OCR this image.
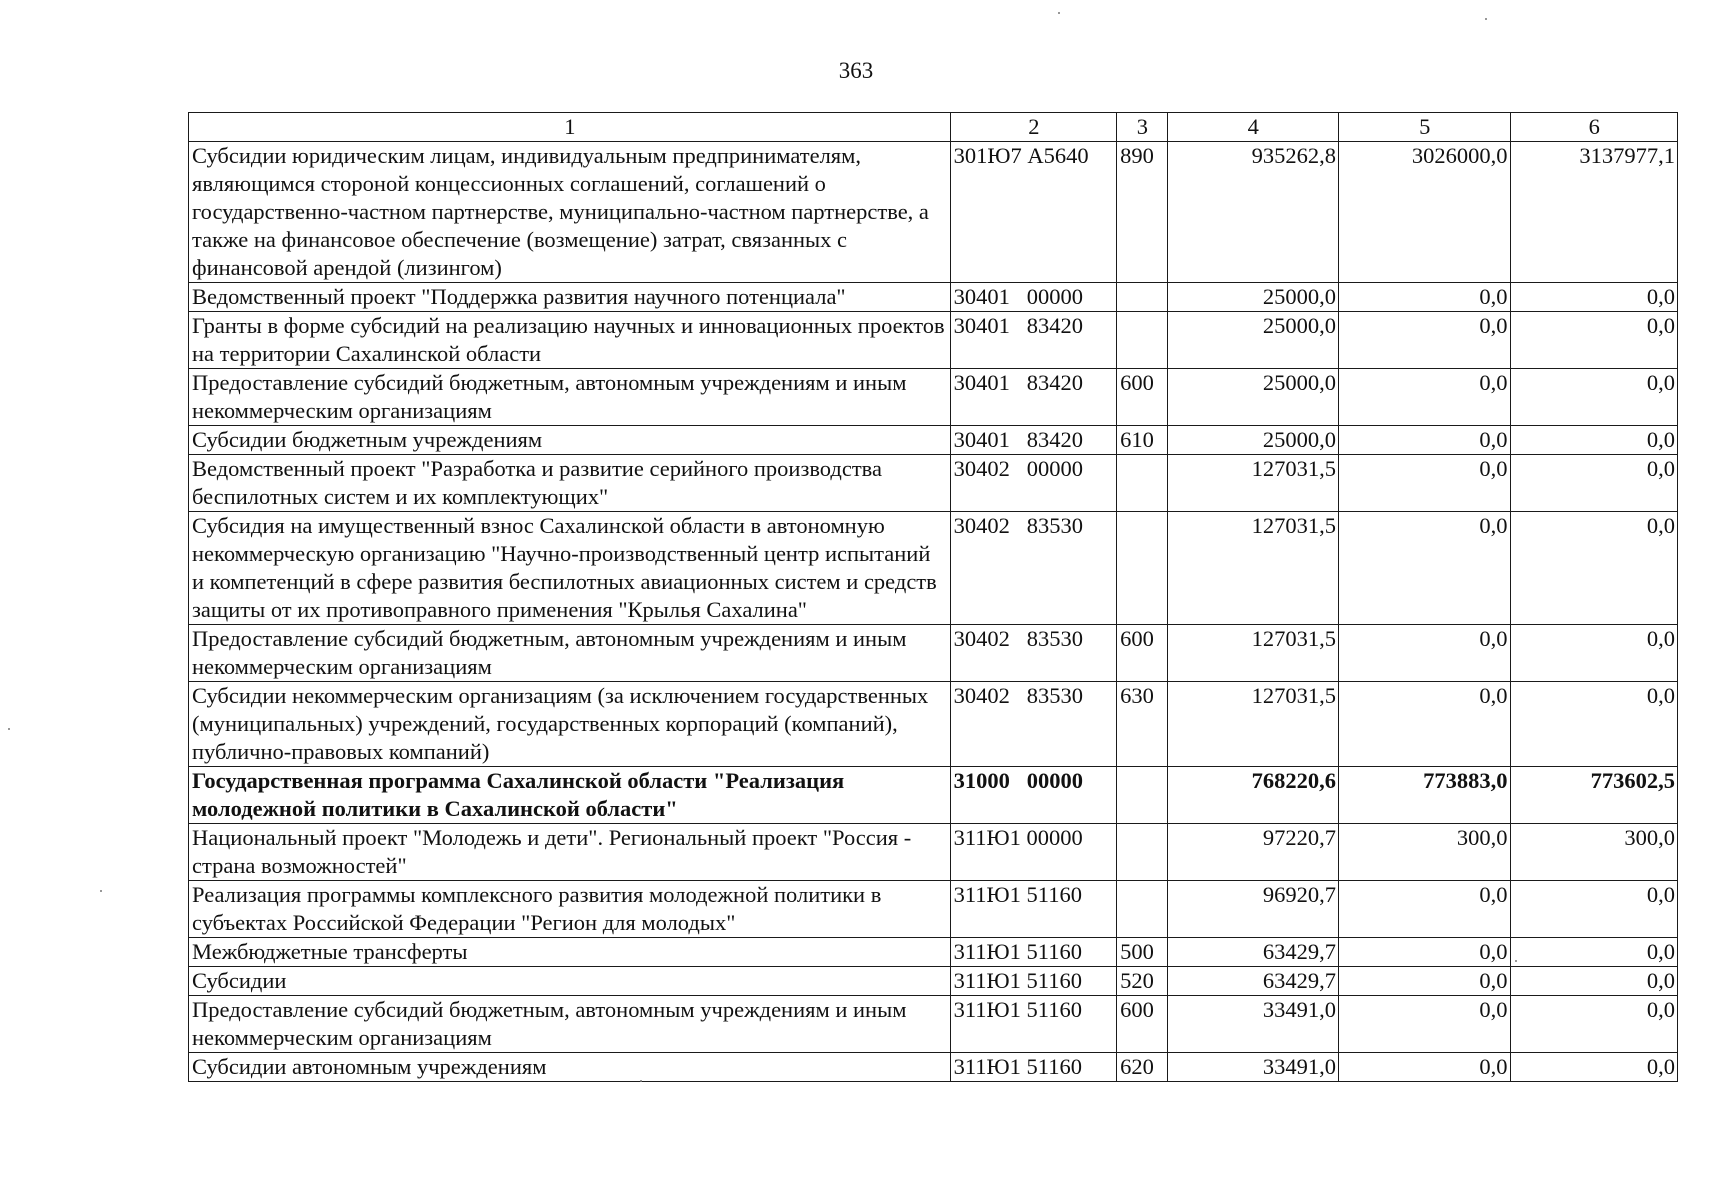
363
1	2	3	4	5	6
Субсидии юридическим лицам, индивидуальным предпринимателям, являющимся стороной концессионных соглашений, соглашений о государственно-частном партнерстве, муниципально-частном партнерстве, а также на финансовое обеспечение (возмещение) затрат, связанных с финансовой арендой (лизингом)	301Ю7 А5640	890	935262,8	3026000,0	3137977,1
Ведомственный проект "Поддержка развития научного потенциала"	30401   00000		25000,0	0,0	0,0
Гранты в форме субсидий на реализацию научных и инновационных проектов на территории Сахалинской области	30401   83420		25000,0	0,0	0,0
Предоставление субсидий бюджетным, автономным учреждениям и иным некоммерческим организациям	30401   83420	600	25000,0	0,0	0,0
Субсидии бюджетным учреждениям	30401   83420	610	25000,0	0,0	0,0
Ведомственный проект "Разработка и развитие серийного производства беспилотных систем и их комплектующих"	30402   00000		127031,5	0,0	0,0
Субсидия на имущественный взнос Сахалинской области в автономную некоммерческую организацию "Научно-производственный центр испытаний и компетенций в сфере развития беспилотных авиационных систем и средств защиты от их противоправного применения "Крылья Сахалина"	30402   83530		127031,5	0,0	0,0
Предоставление субсидий бюджетным, автономным учреждениям и иным некоммерческим организациям	30402   83530	600	127031,5	0,0	0,0
Субсидии некоммерческим организациям (за исключением государственных (муниципальных) учреждений, государственных корпораций (компаний), публично-правовых компаний)	30402   83530	630	127031,5	0,0	0,0
Государственная программа Сахалинской области "Реализация молодежной политики в Сахалинской области"	31000   00000		768220,6	773883,0	773602,5
Национальный проект "Молодежь и дети". Региональный проект "Россия - страна возможностей"	311Ю1 00000		97220,7	300,0	300,0
Реализация программы комплексного развития молодежной политики в субъектах Российской Федерации "Регион для молодых"	311Ю1 51160		96920,7	0,0	0,0
Межбюджетные трансферты	311Ю1 51160	500	63429,7	0,0	0,0
Субсидии	311Ю1 51160	520	63429,7	0,0	0,0
Предоставление субсидий бюджетным, автономным учреждениям и иным некоммерческим организациям	311Ю1 51160	600	33491,0	0,0	0,0
Субсидии автономным учреждениям	311Ю1 51160	620	33491,0	0,0	0,0
